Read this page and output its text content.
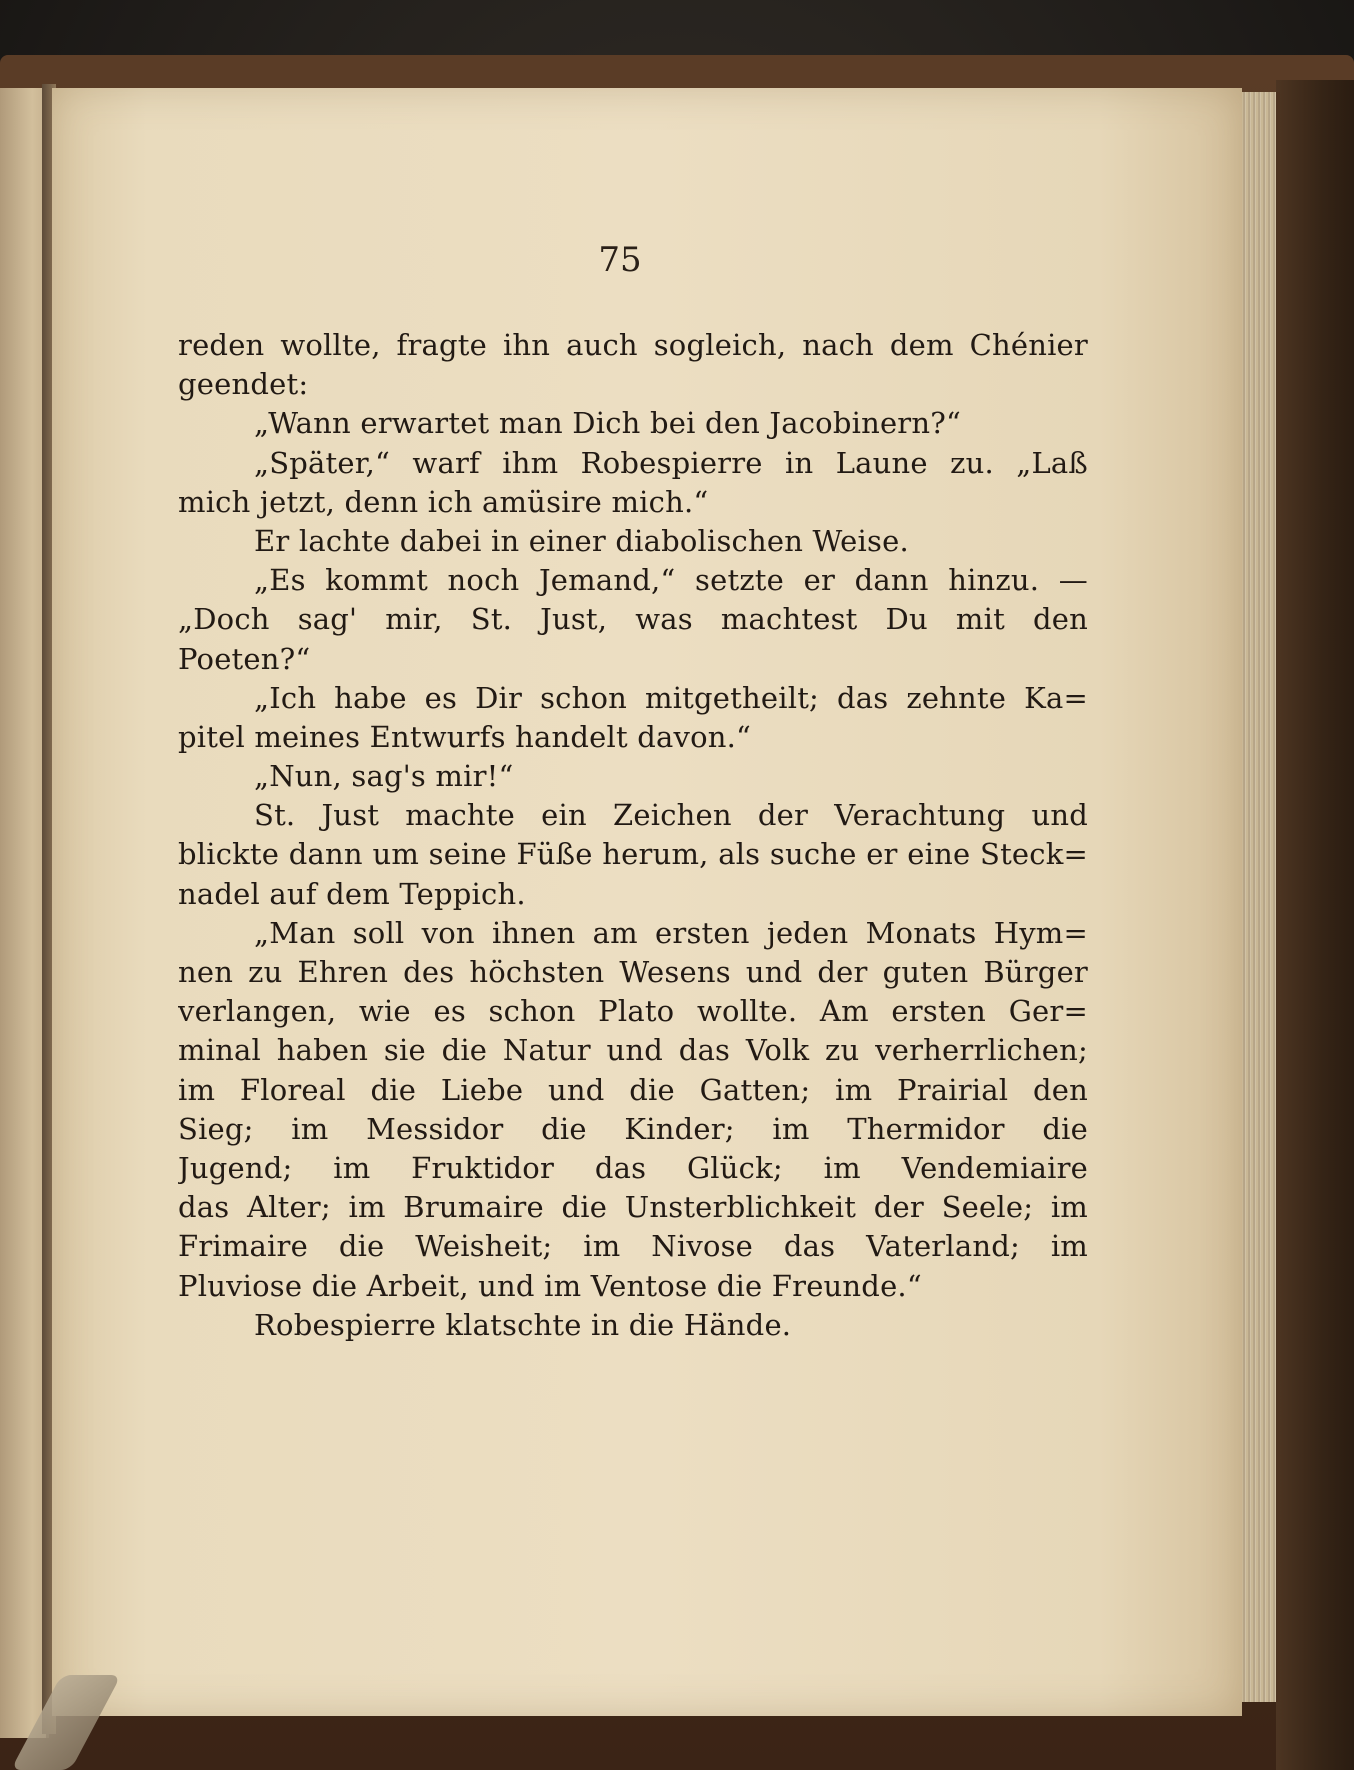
75
reden wollte, fragte ihn auch sogleich, nach dem Chénier
geendet:
„Wann erwartet man Dich bei den Jacobinern?“
„Später,“ warf ihm Robespierre in Laune zu. „Laß
mich jetzt, denn ich amüsire mich.“
Er lachte dabei in einer diabolischen Weise.
„Es kommt noch Jemand,“ setzte er dann hinzu. —
„Doch sag' mir, St. Just, was machtest Du mit den
Poeten?“
„Ich habe es Dir schon mitgetheilt; das zehnte Ka=
pitel meines Entwurfs handelt davon.“
„Nun, sag's mir!“
St. Just machte ein Zeichen der Verachtung und
blickte dann um seine Füße herum, als suche er eine Steck=
nadel auf dem Teppich.
„Man soll von ihnen am ersten jeden Monats Hym=
nen zu Ehren des höchsten Wesens und der guten Bürger
verlangen, wie es schon Plato wollte. Am ersten Ger=
minal haben sie die Natur und das Volk zu verherrlichen;
im Floreal die Liebe und die Gatten; im Prairial den
Sieg; im Messidor die Kinder; im Thermidor die
Jugend; im Fruktidor das Glück; im Vendemiaire
das Alter; im Brumaire die Unsterblichkeit der Seele; im
Frimaire die Weisheit; im Nivose das Vaterland; im
Pluviose die Arbeit, und im Ventose die Freunde.“
Robespierre klatschte in die Hände.
